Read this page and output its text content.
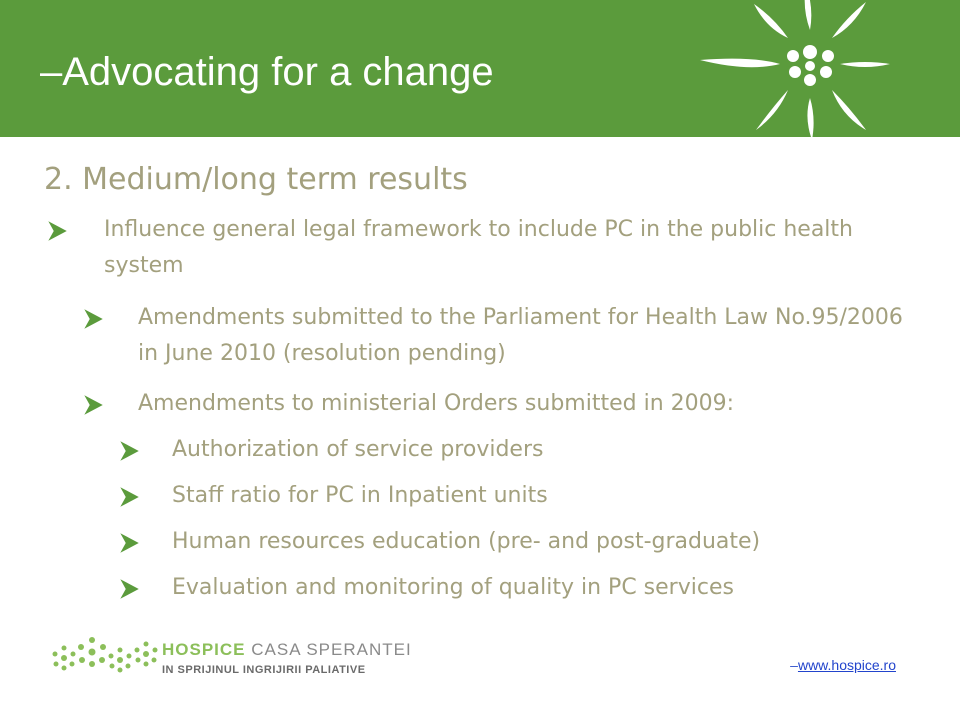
–Advocating for a change
2. Medium/long term results
Influence general legal framework to include PC in the public health system
Amendments submitted to the Parliament for Health Law No.95/2006 in June 2010 (resolution pending)
Amendments to ministerial Orders submitted in 2009:
Authorization of service providers
Staff ratio for PC in Inpatient units
Human resources education (pre- and post-graduate)
Evaluation and monitoring of quality in PC services
HOSPICE CASA SPERANTEI
IN SPRIJINUL INGRIJIRII PALIATIVE	–www.hospice.ro
